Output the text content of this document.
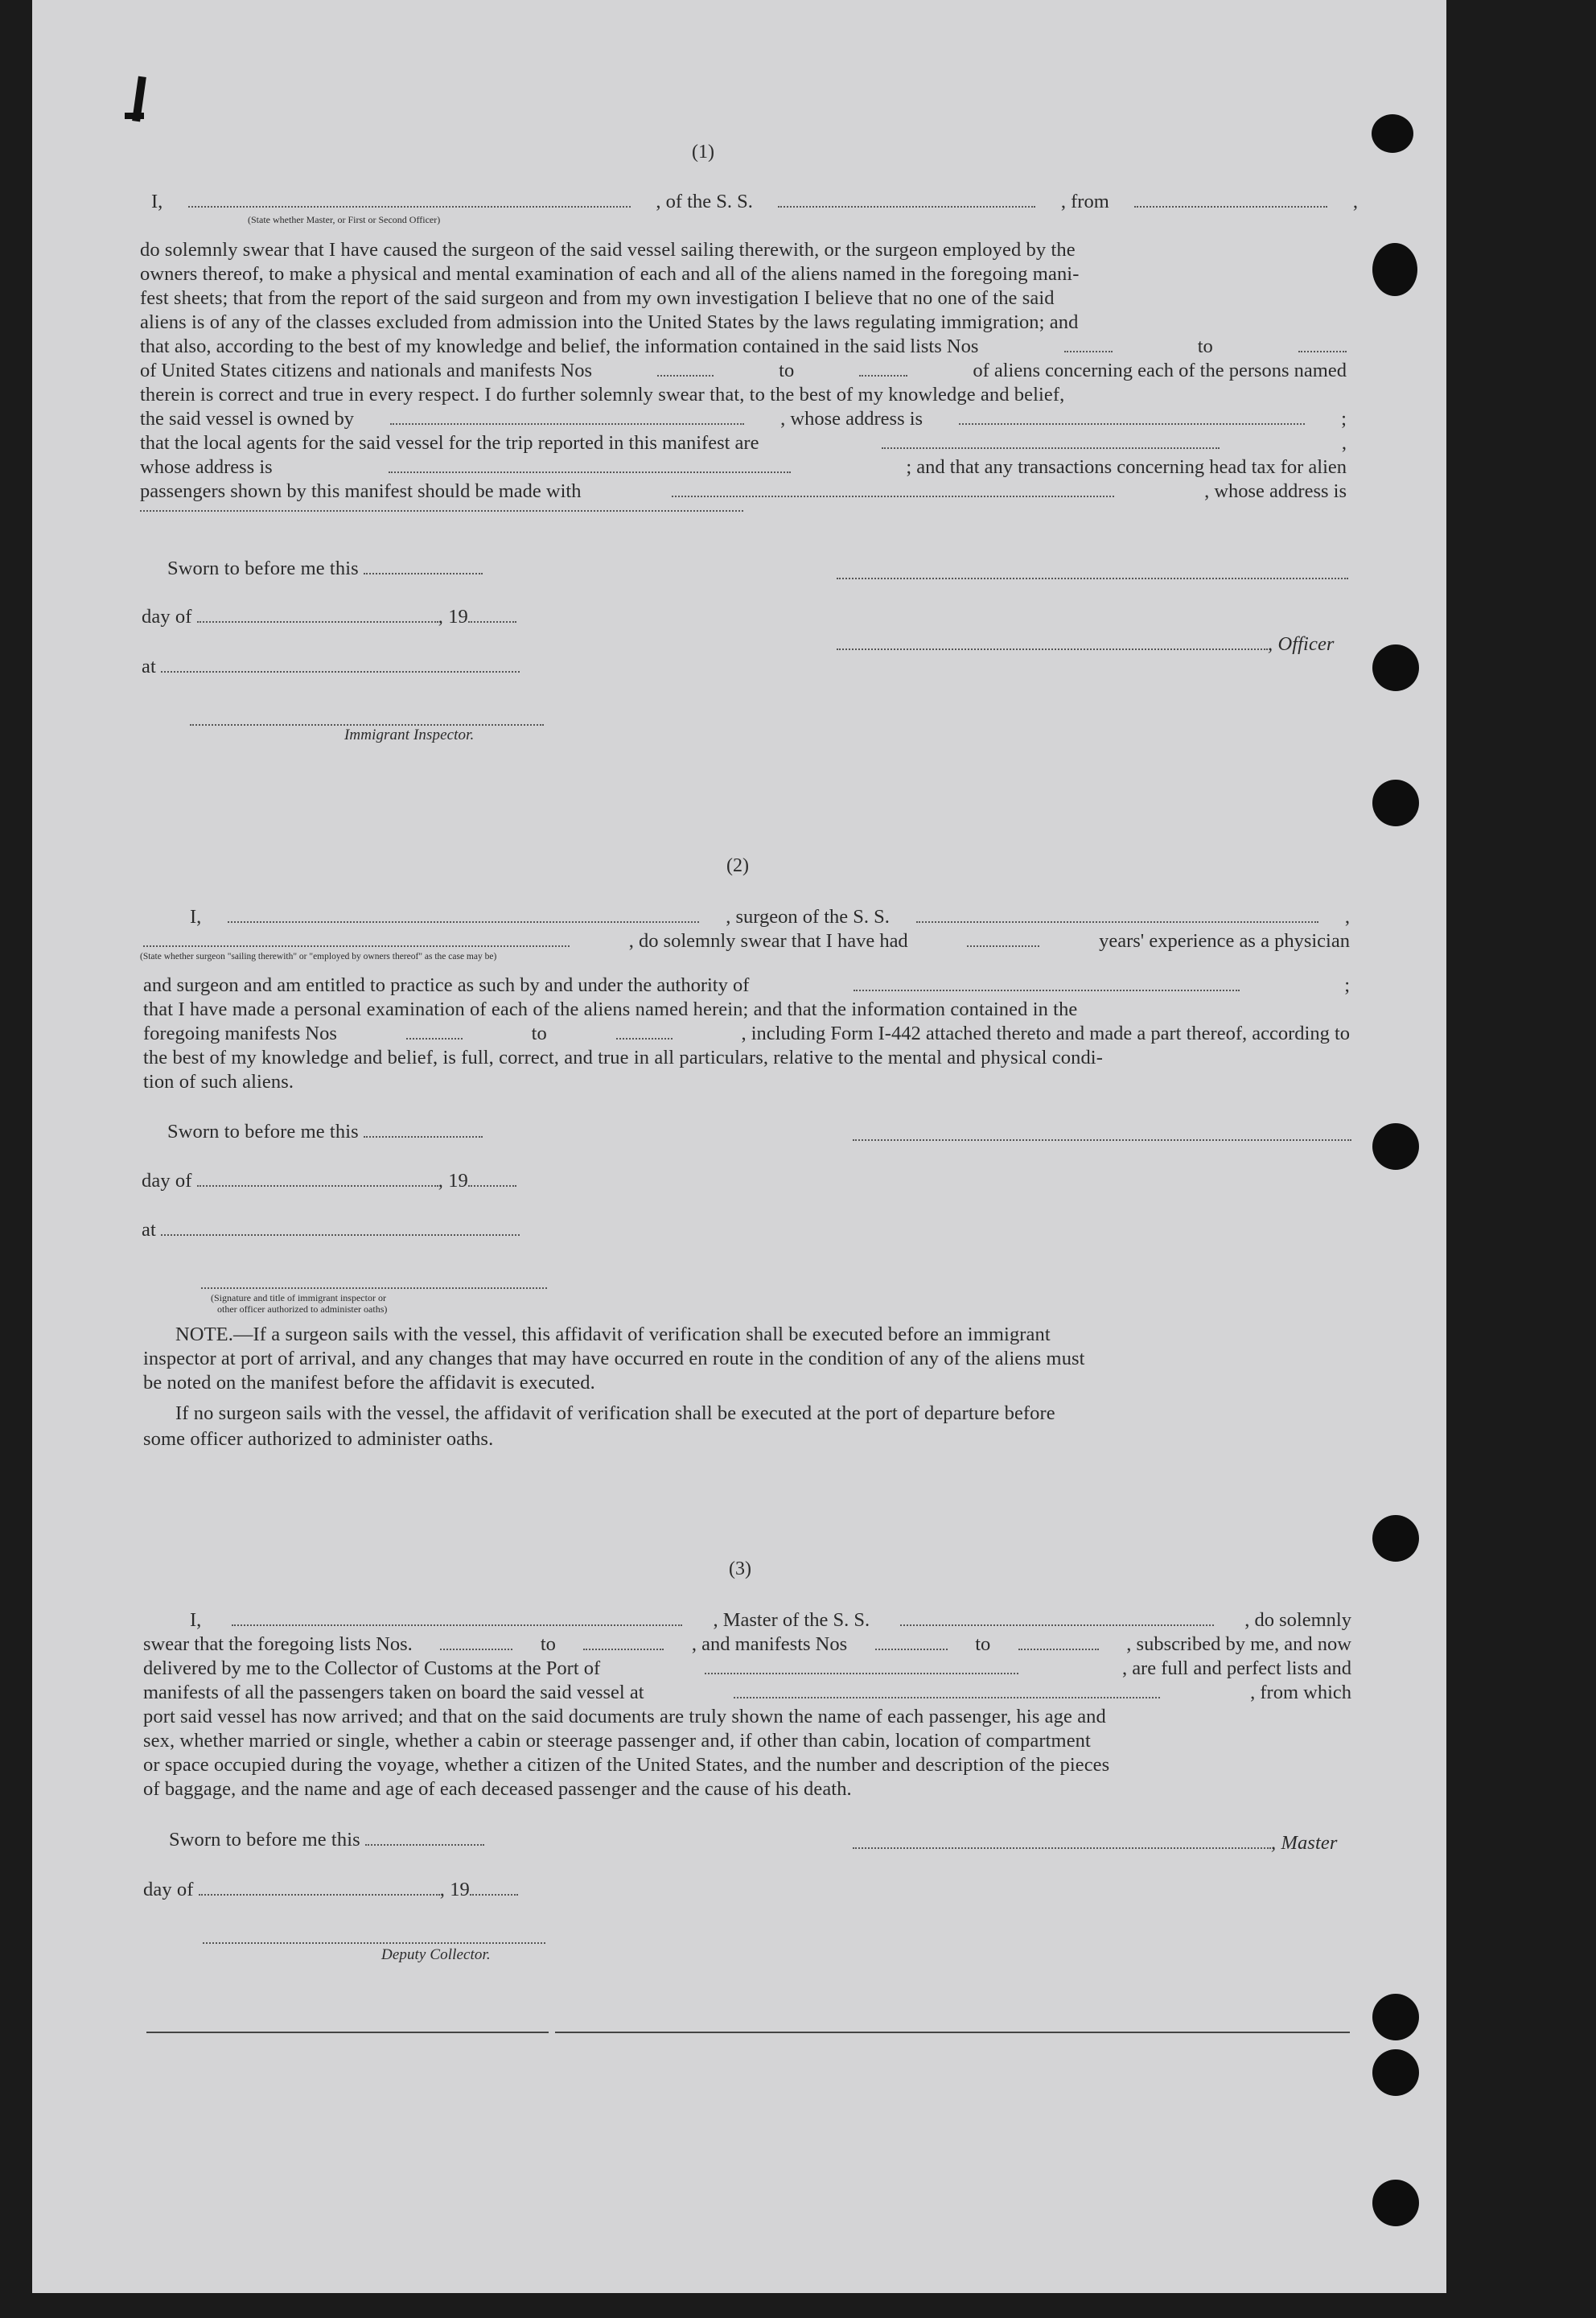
(1)
I,	, of the S. S.	, from	,
(State whether Master, or First or Second Officer)
do solemnly swear that I have caused the surgeon of the said vessel sailing therewith, or the surgeon employed by the
owners thereof, to make a physical and mental examination of each and all of the aliens named in the foregoing mani-
fest sheets; that from the report of the said surgeon and from my own investigation I believe that no one of the said
aliens is of any of the classes excluded from admission into the United States by the laws regulating immigration; and
that also, according to the best of my knowledge and belief, the information contained in the said lists Nos	to
of United States citizens and nationals and manifests Nos	to	of aliens concerning each of the persons named
therein is correct and true in every respect. I do further solemnly swear that, to the best of my knowledge and belief,
the said vessel is owned by	, whose address is	;
that the local agents for the said vessel for the trip reported in this manifest are	,
whose address is	; and that any transactions concerning head tax for alien
passengers shown by this manifest should be made with	, whose address is
Sworn to before me this
day of	, 19
at
Immigrant Inspector.
, Officer
(2)
I,	, surgeon of the S. S.	,
, do solemnly swear that I have had	years' experience as a physician
(State whether surgeon "sailing therewith" or "employed by owners thereof" as the case may be)
and surgeon and am entitled to practice as such by and under the authority of	;
that I have made a personal examination of each of the aliens named herein; and that the information contained in the
foregoing manifests Nos	to	, including Form I-442 attached thereto and made a part thereof, according to
the best of my knowledge and belief, is full, correct, and true in all particulars, relative to the mental and physical condi-
tion of such aliens.
Sworn to before me this
day of	, 19
at
(Signature and title of immigrant inspector or
other officer authorized to administer oaths)
NOTE.—If a surgeon sails with the vessel, this affidavit of verification shall be executed before an immigrant
inspector at port of arrival, and any changes that may have occurred en route in the condition of any of the aliens must
be noted on the manifest before the affidavit is executed.
If no surgeon sails with the vessel, the affidavit of verification shall be executed at the port of departure before
some officer authorized to administer oaths.
(3)
I,	, Master of the S. S.	, do solemnly
swear that the foregoing lists Nos.	to	, and manifests Nos	to	, subscribed by me, and now
delivered by me to the Collector of Customs at the Port of	, are full and perfect lists and
manifests of all the passengers taken on board the said vessel at	, from which
port said vessel has now arrived; and that on the said documents are truly shown the name of each passenger, his age and
sex, whether married or single, whether a cabin or steerage passenger and, if other than cabin, location of compartment
or space occupied during the voyage, whether a citizen of the United States, and the number and description of the pieces
of baggage, and the name and age of each deceased passenger and the cause of his death.
Sworn to before me this
day of	, 19
, Master
Deputy Collector.
